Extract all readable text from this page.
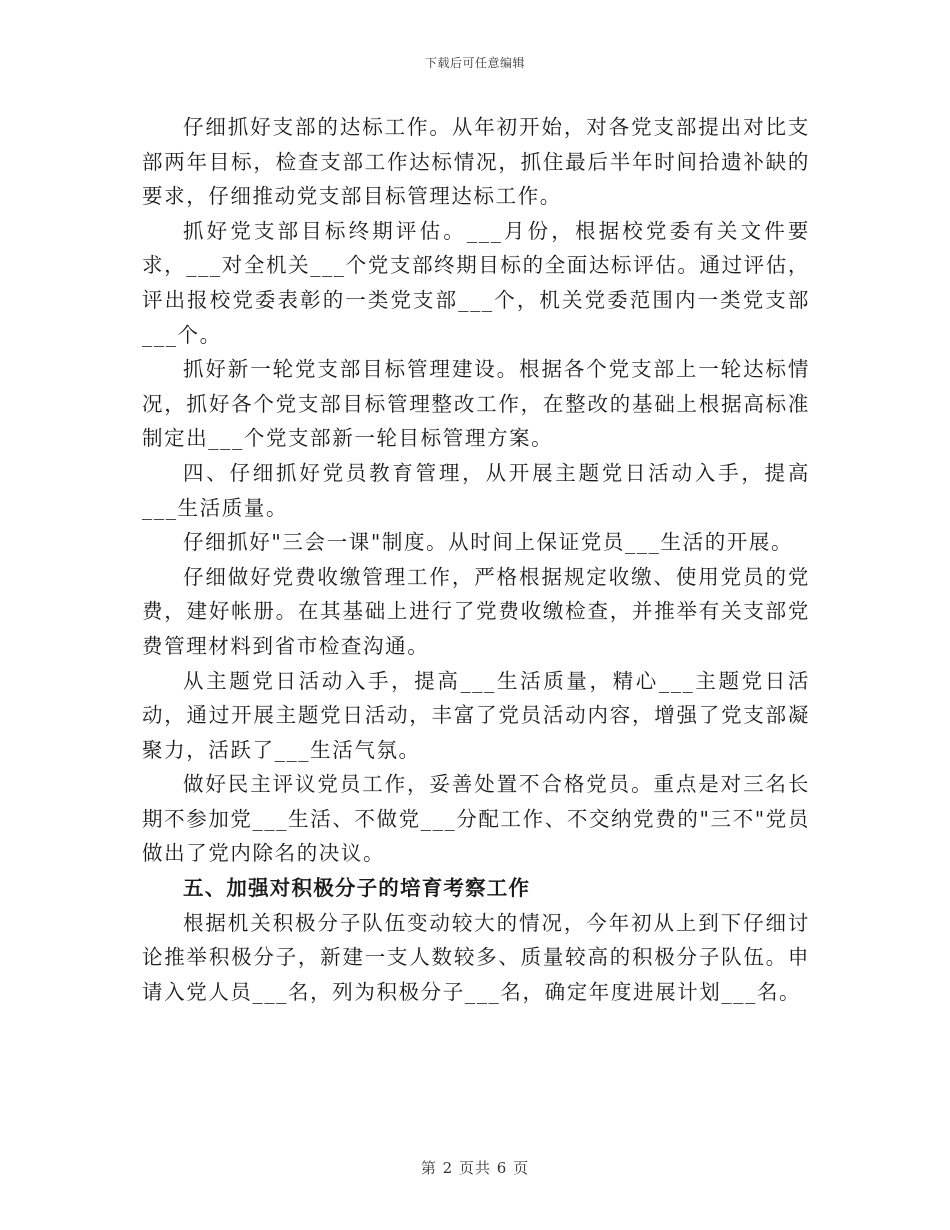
下载后可任意编辑

仔细抓好支部的达标工作。从年初开始，对各党支部提出对比支部两年目标，检查支部工作达标情况，抓住最后半年时间拾遗补缺的要求，仔细推动党支部目标管理达标工作。

抓好党支部目标终期评估。___月份，根据校党委有关文件要求，___对全机关___个党支部终期目标的全面达标评估。通过评估，评出报校党委表彰的一类党支部___个，机关党委范围内一类党支部___个。

抓好新一轮党支部目标管理建设。根据各个党支部上一轮达标情况，抓好各个党支部目标管理整改工作，在整改的基础上根据高标准制定出___个党支部新一轮目标管理方案。

四、仔细抓好党员教育管理，从开展主题党日活动入手，提高___生活质量。

仔细抓好"三会一课"制度。从时间上保证党员___生活的开展。

仔细做好党费收缴管理工作，严格根据规定收缴、使用党员的党费，建好帐册。在其基础上进行了党费收缴检查，并推举有关支部党费管理材料到省市检查沟通。

从主题党日活动入手，提高___生活质量，精心___主题党日活动，通过开展主题党日活动，丰富了党员活动内容，增强了党支部凝聚力，活跃了___生活气氛。

做好民主评议党员工作，妥善处置不合格党员。重点是对三名长期不参加党___生活、不做党___分配工作、不交纳党费的"三不"党员做出了党内除名的决议。

五、加强对积极分子的培育考察工作

根据机关积极分子队伍变动较大的情况，今年初从上到下仔细讨论推举积极分子，新建一支人数较多、质量较高的积极分子队伍。申请入党人员___名，列为积极分子___名，确定年度进展计划___名。

第 2 页共 6 页
